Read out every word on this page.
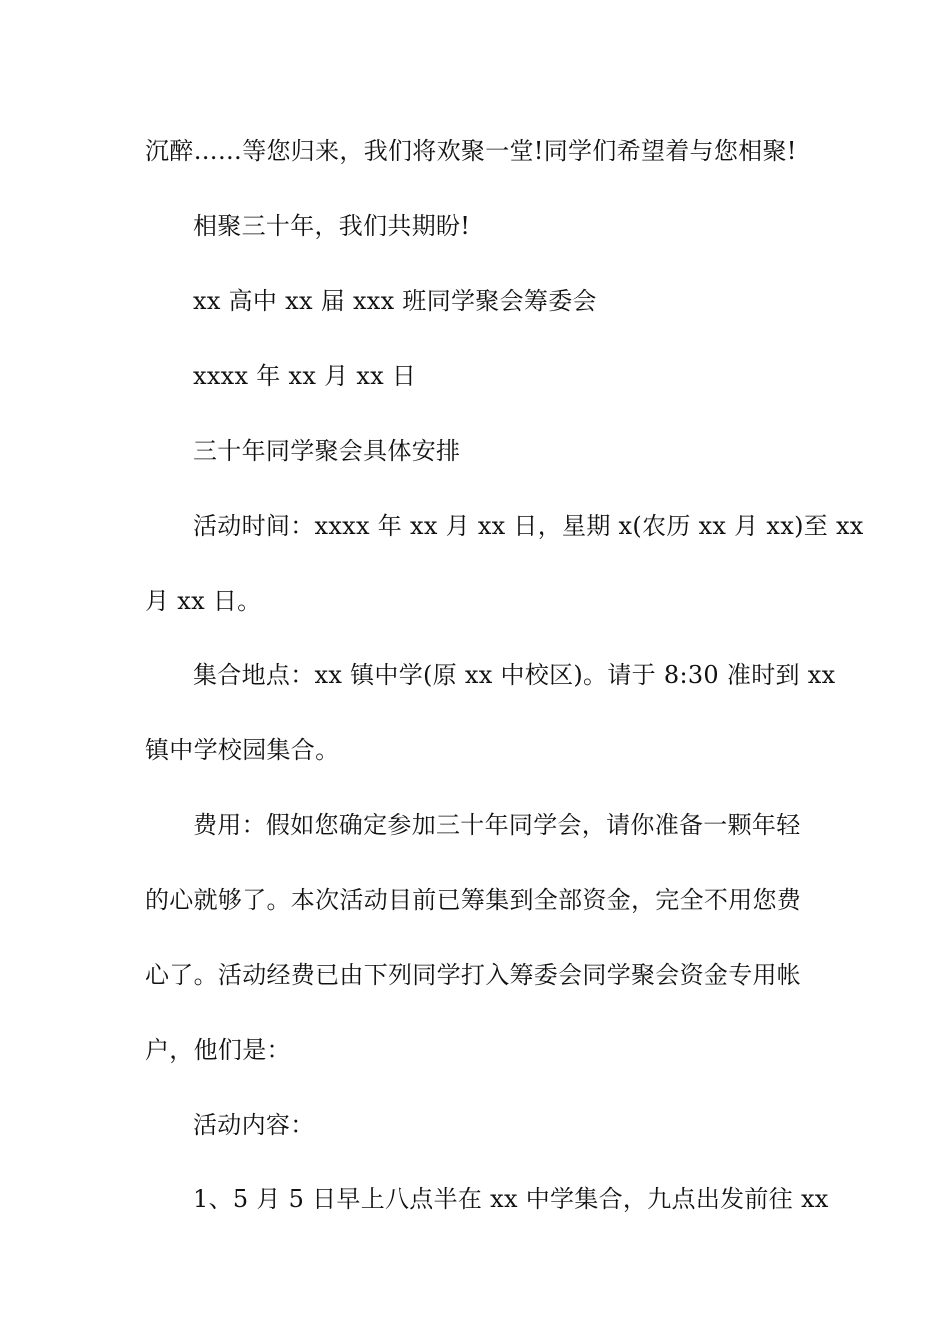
沉醉……等您归来，我们将欢聚一堂!同学们希望着与您相聚!
相聚三十年，我们共期盼!
xx 高中 xx 届 xxx 班同学聚会筹委会
xxxx 年 xx 月 xx 日
三十年同学聚会具体安排
活动时间：xxxx 年 xx 月 xx 日，星期 x(农历 xx 月 xx)至 xx
月 xx 日。
集合地点：xx 镇中学(原 xx 中校区)。请于 8:30 准时到 xx
镇中学校园集合。
费用：假如您确定参加三十年同学会，请你准备一颗年轻
的心就够了。本次活动目前已筹集到全部资金，完全不用您费
心了。活动经费已由下列同学打入筹委会同学聚会资金专用帐
户，他们是：
活动内容：
1、5 月 5 日早上八点半在 xx 中学集合，九点出发前往 xx
